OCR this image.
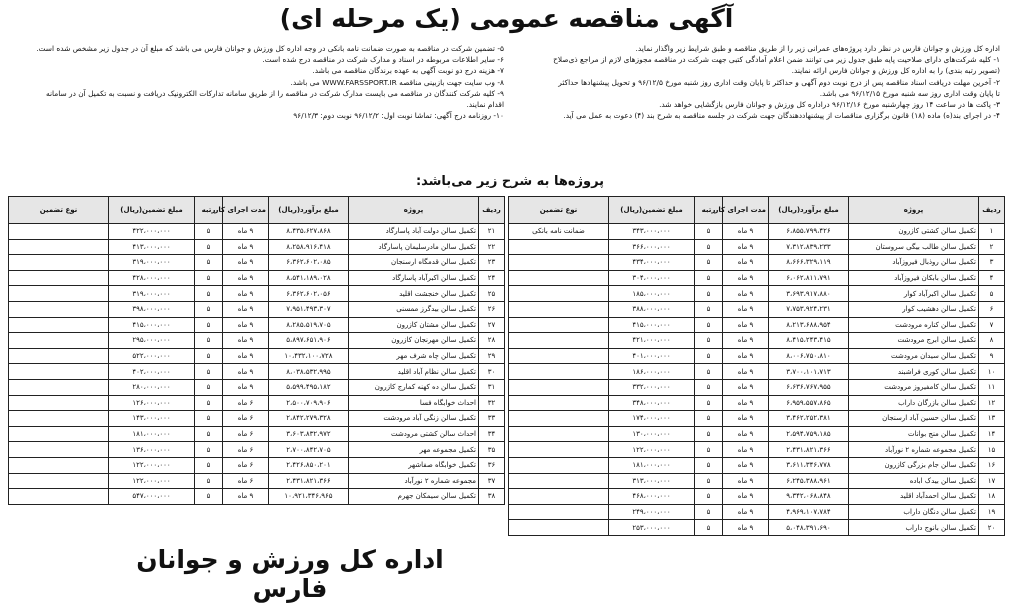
آگهی مناقصه عمومی (یک مرحله ای)

اداره کل ورزش و جوانان فارس در نظر دارد پروژه‌های عمرانی زیر را از طریق مناقصه و طبق شرایط زیر واگذار نماید.

۱- کلیه شرکت‌های دارای صلاحیت پایه طبق جدول زیر می توانند ضمن اعلام آمادگی کتبی جهت شرکت در مناقصه مجوزهای لازم از مراجع ذی‌صلاح

(تصویر رتبه بندی) را به اداره کل ورزش و جوانان فارس ارائه نمایند.

۲- آخرین مهلت دریافت اسناد مناقصه پس از درج نوبت دوم آگهی و حداکثر تا پایان وقت اداری روز شنبه مورخ ۹۶/۱۲/۵ و تحویل پیشنهادها حداکثر

تا پایان وقت اداری روز سه شنبه مورخ ۹۶/۱۲/۱۵ می باشد.

۳- پاکت ها در ساعت ۱۴ روز چهارشنبه مورخ ۹۶/۱۲/۱۶ دراداره کل ورزش و جوانان فارس بازگشایی خواهد شد.

۴- در اجرای بند(ه) ماده (۱۸) قانون برگزاری مناقصات از پیشنهاددهندگان جهت شرکت در جلسه مناقصه به شرح بند (۴) دعوت به عمل می آید.

۵- تضمین شرکت در مناقصه به صورت ضمانت نامه بانکی در وجه اداره کل ورزش و جوانان فارس می باشد که مبلغ آن در جدول زیر مشخص شده است.

۶- سایر اطلاعات مربوطه در اسناد و مدارک شرکت در مناقصه درج شده است.

۷- هزینه درج دو نوبت آگهی به عهده برندگان مناقصه می باشد.

۸- وب سایت جهت بازبینی مناقصه WWW.FARSSPORT.IR می باشد.

۹- کلیه شرکت کنندگان در مناقصه می بایست مدارک شرکت در مناقصه را از طریق سامانه تدارکات الکترونیک دریافت و نسبت به تکمیل آن در سامانه

اقدام نمایند.

۱۰- روزنامه درج آگهی: تماشا نوبت اول: ۹۶/۱۲/۲ نوبت دوم: ۹۶/۱۲/۳

پروژه‌ها به شرح زیر می‌باشد:
ردیف	پروژه	مبلغ برآورد(ریال)	مدت اجرای کار	رتبه	مبلغ تضمین(ریال)	نوع تضمین
۱	تکمیل سالن کشتی کازرون	۶،۸۵۵،۷۹۹،۴۲۶	۹ ماه	۵	۳۴۳،۰۰۰،۰۰۰	ضمانت نامه بانکی
۲	تکمیل سالن طالب بیگی سروستان	۷،۳۱۲،۸۳۹،۲۳۳	۹ ماه	۵	۳۶۶،۰۰۰،۰۰۰	
۳	تکمیل سالن روذبال فیروزآباد	۸،۶۶۶،۳۲۹،۱۱۹	۹ ماه	۵	۴۳۴،۰۰۰،۰۰۰	
۴	تکمیل سالن بابکان فیروزآباد	۶،۰۶۲،۸۱۱،۷۹۱	۹ ماه	۵	۳۰۴،۰۰۰،۰۰۰	
۵	تکمیل سالن اکبرآباد کوار	۳،۶۹۳،۹۱۷،۸۸۰	۹ ماه	۵	۱۸۵،۰۰۰،۰۰۰	
۶	تکمیل سالن دهشیب کوار	۷،۷۵۳،۹۲۴،۲۳۱	۹ ماه	۵	۳۸۸،۰۰۰،۰۰۰	
۷	تکمیل سالن کناره مرودشت	۸،۲۱۳،۶۸۸،۹۵۴	۹ ماه	۵	۴۱۵،۰۰۰،۰۰۰	
۸	تکمیل سالن ابرج مرودشت	۸،۴۱۵،۲۴۳،۴۱۵	۹ ماه	۵	۴۲۱،۰۰۰،۰۰۰	
۹	تکمیل سالن سیدان مرودشت	۸،۰۰۶،۷۵۰،۸۱۰	۹ ماه	۵	۴۰۱،۰۰۰،۰۰۰	
۱۰	تکمیل سالن کوری فراشبند	۳،۷۰۰،۱۰۱،۷۱۳	۹ ماه	۵	۱۸۶،۰۰۰،۰۰۰	
۱۱	تکمیل سالن کامفیروز مرودشت	۶،۶۳۶،۷۶۷،۹۵۵	۹ ماه	۵	۳۳۲،۰۰۰،۰۰۰	
۱۲	تکمیل سالن بازرگان داراب	۶،۹۵۹،۵۵۷،۸۶۵	۹ ماه	۵	۳۴۸،۰۰۰،۰۰۰	
۱۳	تکمیل سالن حسین آباد ارسنجان	۳،۴۶۲،۲۵۲،۳۸۱	۹ ماه	۵	۱۷۴،۰۰۰،۰۰۰	
۱۴	تکمیل سالن منج بوانات	۲،۵۹۴،۷۵۹،۱۸۵	۹ ماه	۵	۱۳۰،۰۰۰،۰۰۰	
۱۵	تکمیل مجموعه شماره ۲ نورآباد	۲،۴۳۱،۸۲۱،۳۶۶	۹ ماه	۵	۱۲۲،۰۰۰،۰۰۰	
۱۶	تکمیل سالن جام بزرگی کازرون	۳،۶۱۱،۳۴۶،۷۷۸	۹ ماه	۵	۱۸۱،۰۰۰،۰۰۰	
۱۷	تکمیل سالن بیدک اباده	۶،۲۴۵،۳۸۸،۹۶۱	۹ ماه	۵	۳۱۳،۰۰۰،۰۰۰	
۱۸	تکمیل سالن احمدآباد اقلید	۹،۳۴۲،۰۶۸،۸۴۸	۹ ماه	۵	۴۶۸،۰۰۰،۰۰۰	
۱۹	تکمیل سالن دنگان داراب	۴،۹۶۹،۱۰۷،۷۸۴	۹ ماه	۵	۲۴۹،۰۰۰،۰۰۰	
۲۰	تکمیل سالن بانوج داراب	۵،۰۴۸،۳۹۱،۶۹۰	۹ ماه	۵	۲۵۳،۰۰۰،۰۰۰	
ردیف	پروژه	مبلغ برآورد(ریال)	مدت اجرای کار	رتبه	مبلغ تضمین(ریال)	نوع تضمین
۲۱	تکمیل سالن دولت آباد پاسارگاد	۸،۴۳۵،۶۲۷،۸۶۸	۹ ماه	۵	۴۲۲،۰۰۰،۰۰۰	
۲۲	تکمیل سالن مادرسلیمان پاسارگاد	۸،۲۵۸،۹۱۶،۴۱۸	۹ ماه	۵	۴۱۳،۰۰۰،۰۰۰	
۲۳	تکمیل سالن قدمگاه ارسنجان	۶،۳۶۲،۶۰۲،۰۸۵	۹ ماه	۵	۳۱۹،۰۰۰،۰۰۰	
۲۴	تکمیل سالن اکبرآباد پاسارگاد	۸،۵۴۱،۱۸۹،۰۲۸	۹ ماه	۵	۴۲۸،۰۰۰،۰۰۰	
۲۵	تکمیل سالن خنجشت اقلید	۶،۳۶۲،۶۰۲،۰۵۶	۹ ماه	۵	۳۱۹،۰۰۰،۰۰۰	
۲۶	تکمیل سالن بیدگرز ممسنی	۷،۹۵۱،۴۹۳،۳۰۷	۹ ماه	۵	۳۹۸،۰۰۰،۰۰۰	
۲۷	تکمیل سالن مشتان کازرون	۸،۲۸۵،۵۱۹،۷۰۵	۹ ماه	۵	۴۱۵،۰۰۰،۰۰۰	
۲۸	تکمیل سالن مهرنجان کازرون	۵،۸۹۷،۶۵۱،۹۰۶	۹ ماه	۵	۲۹۵،۰۰۰،۰۰۰	
۲۹	تکمیل سالن چاه شرف مهر	۱۰،۴۳۲،۱۰۰،۷۲۸	۹ ماه	۵	۵۲۲،۰۰۰،۰۰۰	
۳۰	تکمیل سالن نظام آباد اقلید	۸،۰۳۸،۵۳۲،۹۹۵	۹ ماه	۵	۴۰۲،۰۰۰،۰۰۰	
۳۱	تکمیل سالن ده کهنه کمارج کازرون	۵،۵۹۹،۴۹۵،۱۸۲	۹ ماه	۵	۲۸۰،۰۰۰،۰۰۰	
۳۲	احداث خوابگاه فسا	۲،۵۰۰،۷۰۹،۹۰۶	۶ ماه	۵	۱۲۶،۰۰۰،۰۰۰	
۳۳	تکمیل سالن زنگی آباد مرودشت	۲،۸۴۲،۲۷۹،۳۲۸	۶ ماه	۵	۱۴۳،۰۰۰،۰۰۰	
۳۴	احداث سالن کشتی مرودشت	۳،۶۰۳،۸۳۲،۹۷۲	۶ ماه	۵	۱۸۱،۰۰۰،۰۰۰	
۳۵	تکمیل مجموعه مهر	۲،۷۰۰،۸۴۲،۷۰۵	۶ ماه	۵	۱۳۶،۰۰۰،۰۰۰	
۳۶	تکمیل خوابگاه صفاشهر	۲،۴۲۶،۸۵۰،۲۰۱	۶ ماه	۵	۱۲۲،۰۰۰،۰۰۰	
۳۷	مجموعه شماره ۲ نورآباد	۲،۴۳۱،۸۲۱،۳۶۶	۶ ماه	۵	۱۲۲،۰۰۰،۰۰۰	
۳۸	تکمیل سالن سیمکان جهرم	۱۰،۹۲۱،۳۴۶،۹۶۵	۹ ماه	۵	۵۴۷،۰۰۰،۰۰۰	
اداره کل ورزش و جوانان فارس
